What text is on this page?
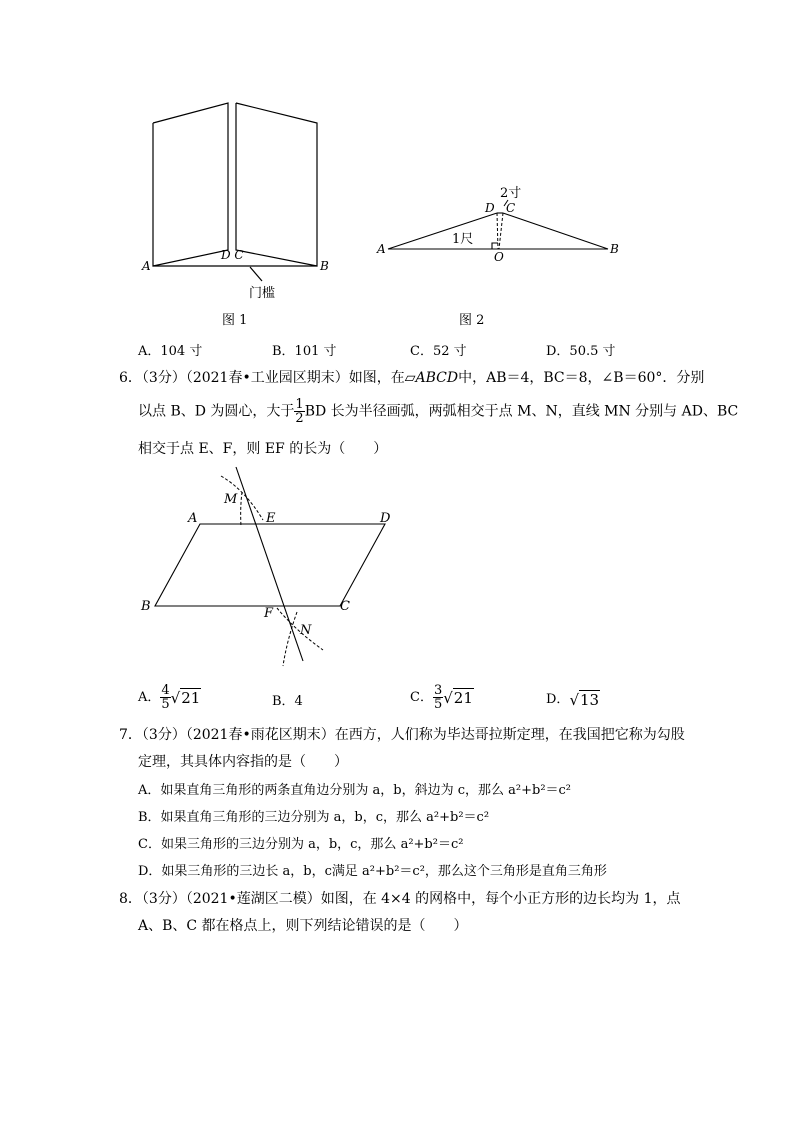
A	B
D C
门槛
图 1
A	B
D C
O
2寸
1尺
图 2
A．104 寸	B．101 寸	C．52 寸	D．50.5 寸
6．（3分）（2021春•工业园区期末）如图，在▱ABCD中，AB＝4，BC＝8，∠B＝60°．分别
以点 B、D 为圆心，大于 $\frac{1}{2}$ BD 长为半径画弧，两弧相交于点 M、N，直线 MN 分别与 AD、BC
相交于点 E、F，则 EF 的长为（　　）
A	D
B	C
E
F
M
N
A． $\frac{4}{5} √21$	B．4	C． $\frac{3}{5} √21$	D．√13
7．（3分）（2021春•雨花区期末）在西方，人们称为毕达哥拉斯定理，在我国把它称为勾股
定理，其具体内容指的是（　　）
A．如果直角三角形的两条直角边分别为 a，b，斜边为 c，那么 a²+b²＝c²
B．如果直角三角形的三边分别为 a，b，c，那么 a²+b²＝c²
C．如果三角形的三边分别为 a，b，c，那么 a²+b²＝c²
D．如果三角形的三边长 a，b，c满足 a²+b²＝c²，那么这个三角形是直角三角形
8．（3分）（2021•莲湖区二模）如图，在 4×4 的网格中，每个小正方形的边长均为 1，点
A、B、C 都在格点上，则下列结论错误的是（　　）
